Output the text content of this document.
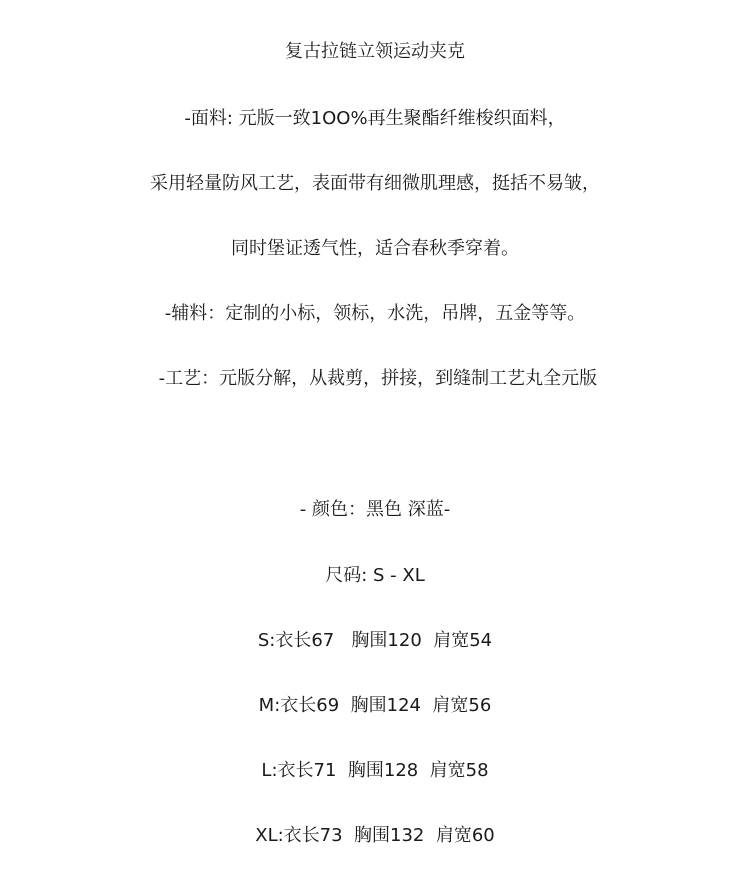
复古拉链立领运动夹克
-面料: 元版一致1OO%再生聚酯纤维梭织面料，
采用轻量防风工艺，表面带有细微肌理感，挺括不易皱，
同时堡证透气性，适合春秋季穿着。
-辅料：定制的小标，领标，水洗，吊牌，五金等等。
-工艺：元版分解，从裁剪，拼接，到缝制工艺丸全元版
- 颜色：黑色 深蓝-
尺码: S - XL
S:衣长67   胸围120  肩宽54
M:衣长69  胸围124  肩宽56
L:衣长71  胸围128  肩宽58
XL:衣长73  胸围132  肩宽60
